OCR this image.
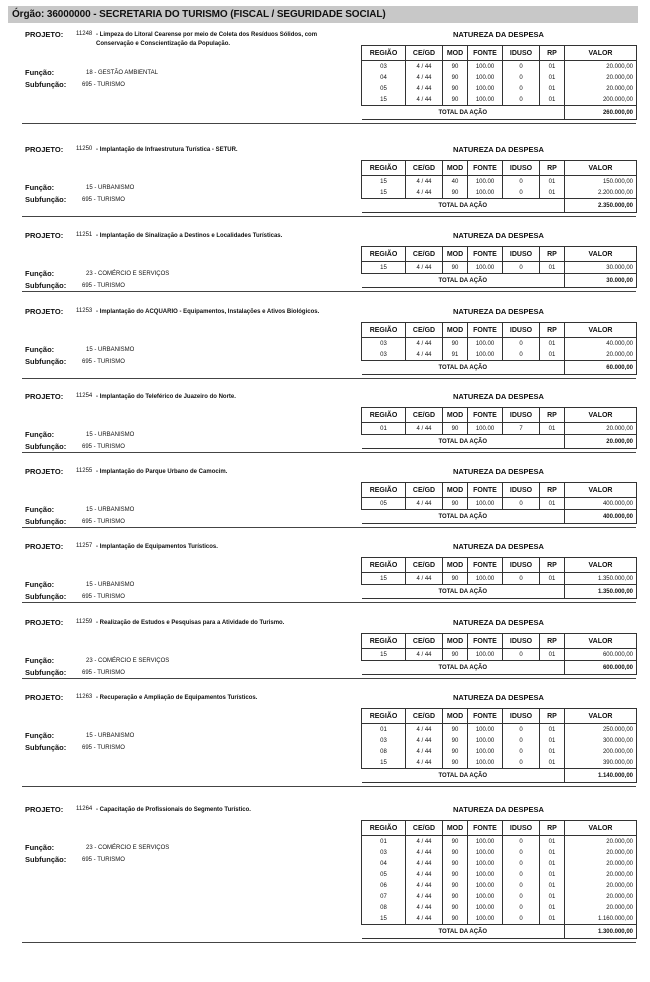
Órgão: 36000000 - SECRETARIA DO TURISMO (FISCAL / SEGURIDADE SOCIAL)
PROJETO: 11248 - Limpeza do Litoral Cearense por meio de Coleta dos Resíduos Sólidos, com Conservação e Conscientização da População.
NATUREZA DA DESPESA
Função:	18 - GESTÃO AMBIENTAL
Subfunção:	695 - TURISMO
REGIÃO	CE/GD	MOD	FONTE	IDUSO	RP	VALOR
03	4 / 44	90	100.00	0	01	20.000,00
04	4 / 44	90	100.00	0	01	20.000,00
05	4 / 44	90	100.00	0	01	20.000,00
15	4 / 44	90	100.00	0	01	200.000,00
TOTAL DA AÇÃO						260.000,00
PROJETO: 11250 - Implantação de Infraestrutura Turística - SETUR.	NATUREZA DA DESPESA
Função:	15 - URBANISMO
Subfunção:	695 - TURISMO
REGIÃO	CE/GD	MOD	FONTE	IDUSO	RP	VALOR
15	4 / 44	40	100.00	0	01	150.000,00
15	4 / 44	90	100.00	0	01	2.200.000,00
TOTAL DA AÇÃO						2.350.000,00
PROJETO: 11251 - Implantação de Sinalização a Destinos e Localidades Turísticas.	NATUREZA DA DESPESA
Função:	23 - COMÉRCIO E SERVIÇOS
Subfunção:	695 - TURISMO
REGIÃO	CE/GD	MOD	FONTE	IDUSO	RP	VALOR
15	4 / 44	90	100.00	0	01	30.000,00
TOTAL DA AÇÃO						30.000,00
PROJETO: 11253 - Implantação do ACQUARIO - Equipamentos, Instalações e Ativos Biológicos.	NATUREZA DA DESPESA
Função:	15 - URBANISMO
Subfunção:	695 - TURISMO
REGIÃO	CE/GD	MOD	FONTE	IDUSO	RP	VALOR
03	4 / 44	90	100.00	0	01	40.000,00
03	4 / 44	91	100.00	0	01	20.000,00
TOTAL DA AÇÃO						60.000,00
PROJETO: 11254 - Implantação do Teleférico de Juazeiro do Norte.	NATUREZA DA DESPESA
Função:	15 - URBANISMO
Subfunção:	695 - TURISMO
REGIÃO	CE/GD	MOD	FONTE	IDUSO	RP	VALOR
01	4 / 44	90	100.00	7	01	20.000,00
TOTAL DA AÇÃO						20.000,00
PROJETO: 11255 - Implantação do Parque Urbano de Camocim.	NATUREZA DA DESPESA
Função:	15 - URBANISMO
Subfunção:	695 - TURISMO
REGIÃO	CE/GD	MOD	FONTE	IDUSO	RP	VALOR
05	4 / 44	90	100.00	0	01	400.000,00
TOTAL DA AÇÃO						400.000,00
PROJETO: 11257 - Implantação de Equipamentos Turísticos.	NATUREZA DA DESPESA
Função:	15 - URBANISMO
Subfunção:	695 - TURISMO
REGIÃO	CE/GD	MOD	FONTE	IDUSO	RP	VALOR
15	4 / 44	90	100.00	0	01	1.350.000,00
TOTAL DA AÇÃO						1.350.000,00
PROJETO: 11259 - Realização de Estudos e Pesquisas para a Atividade do Turismo.	NATUREZA DA DESPESA
Função:	23 - COMÉRCIO E SERVIÇOS
Subfunção:	695 - TURISMO
REGIÃO	CE/GD	MOD	FONTE	IDUSO	RP	VALOR
15	4 / 44	90	100.00	0	01	600.000,00
TOTAL DA AÇÃO						600.000,00
PROJETO: 11263 - Recuperação e Ampliação de Equipamentos Turísticos.	NATUREZA DA DESPESA
Função:	15 - URBANISMO
Subfunção:	695 - TURISMO
REGIÃO	CE/GD	MOD	FONTE	IDUSO	RP	VALOR
01	4 / 44	90	100.00	0	01	250.000,00
03	4 / 44	90	100.00	0	01	300.000,00
08	4 / 44	90	100.00	0	01	200.000,00
15	4 / 44	90	100.00	0	01	390.000,00
TOTAL DA AÇÃO						1.140.000,00
PROJETO: 11264 - Capacitação de Profissionais do Segmento Turístico.	NATUREZA DA DESPESA
Função:	23 - COMÉRCIO E SERVIÇOS
Subfunção:	695 - TURISMO
REGIÃO	CE/GD	MOD	FONTE	IDUSO	RP	VALOR
01	4 / 44	90	100.00	0	01	20.000,00
03	4 / 44	90	100.00	0	01	20.000,00
04	4 / 44	90	100.00	0	01	20.000,00
05	4 / 44	90	100.00	0	01	20.000,00
06	4 / 44	90	100.00	0	01	20.000,00
07	4 / 44	90	100.00	0	01	20.000,00
08	4 / 44	90	100.00	0	01	20.000,00
15	4 / 44	90	100.00	0	01	1.160.000,00
TOTAL DA AÇÃO						1.300.000,00
